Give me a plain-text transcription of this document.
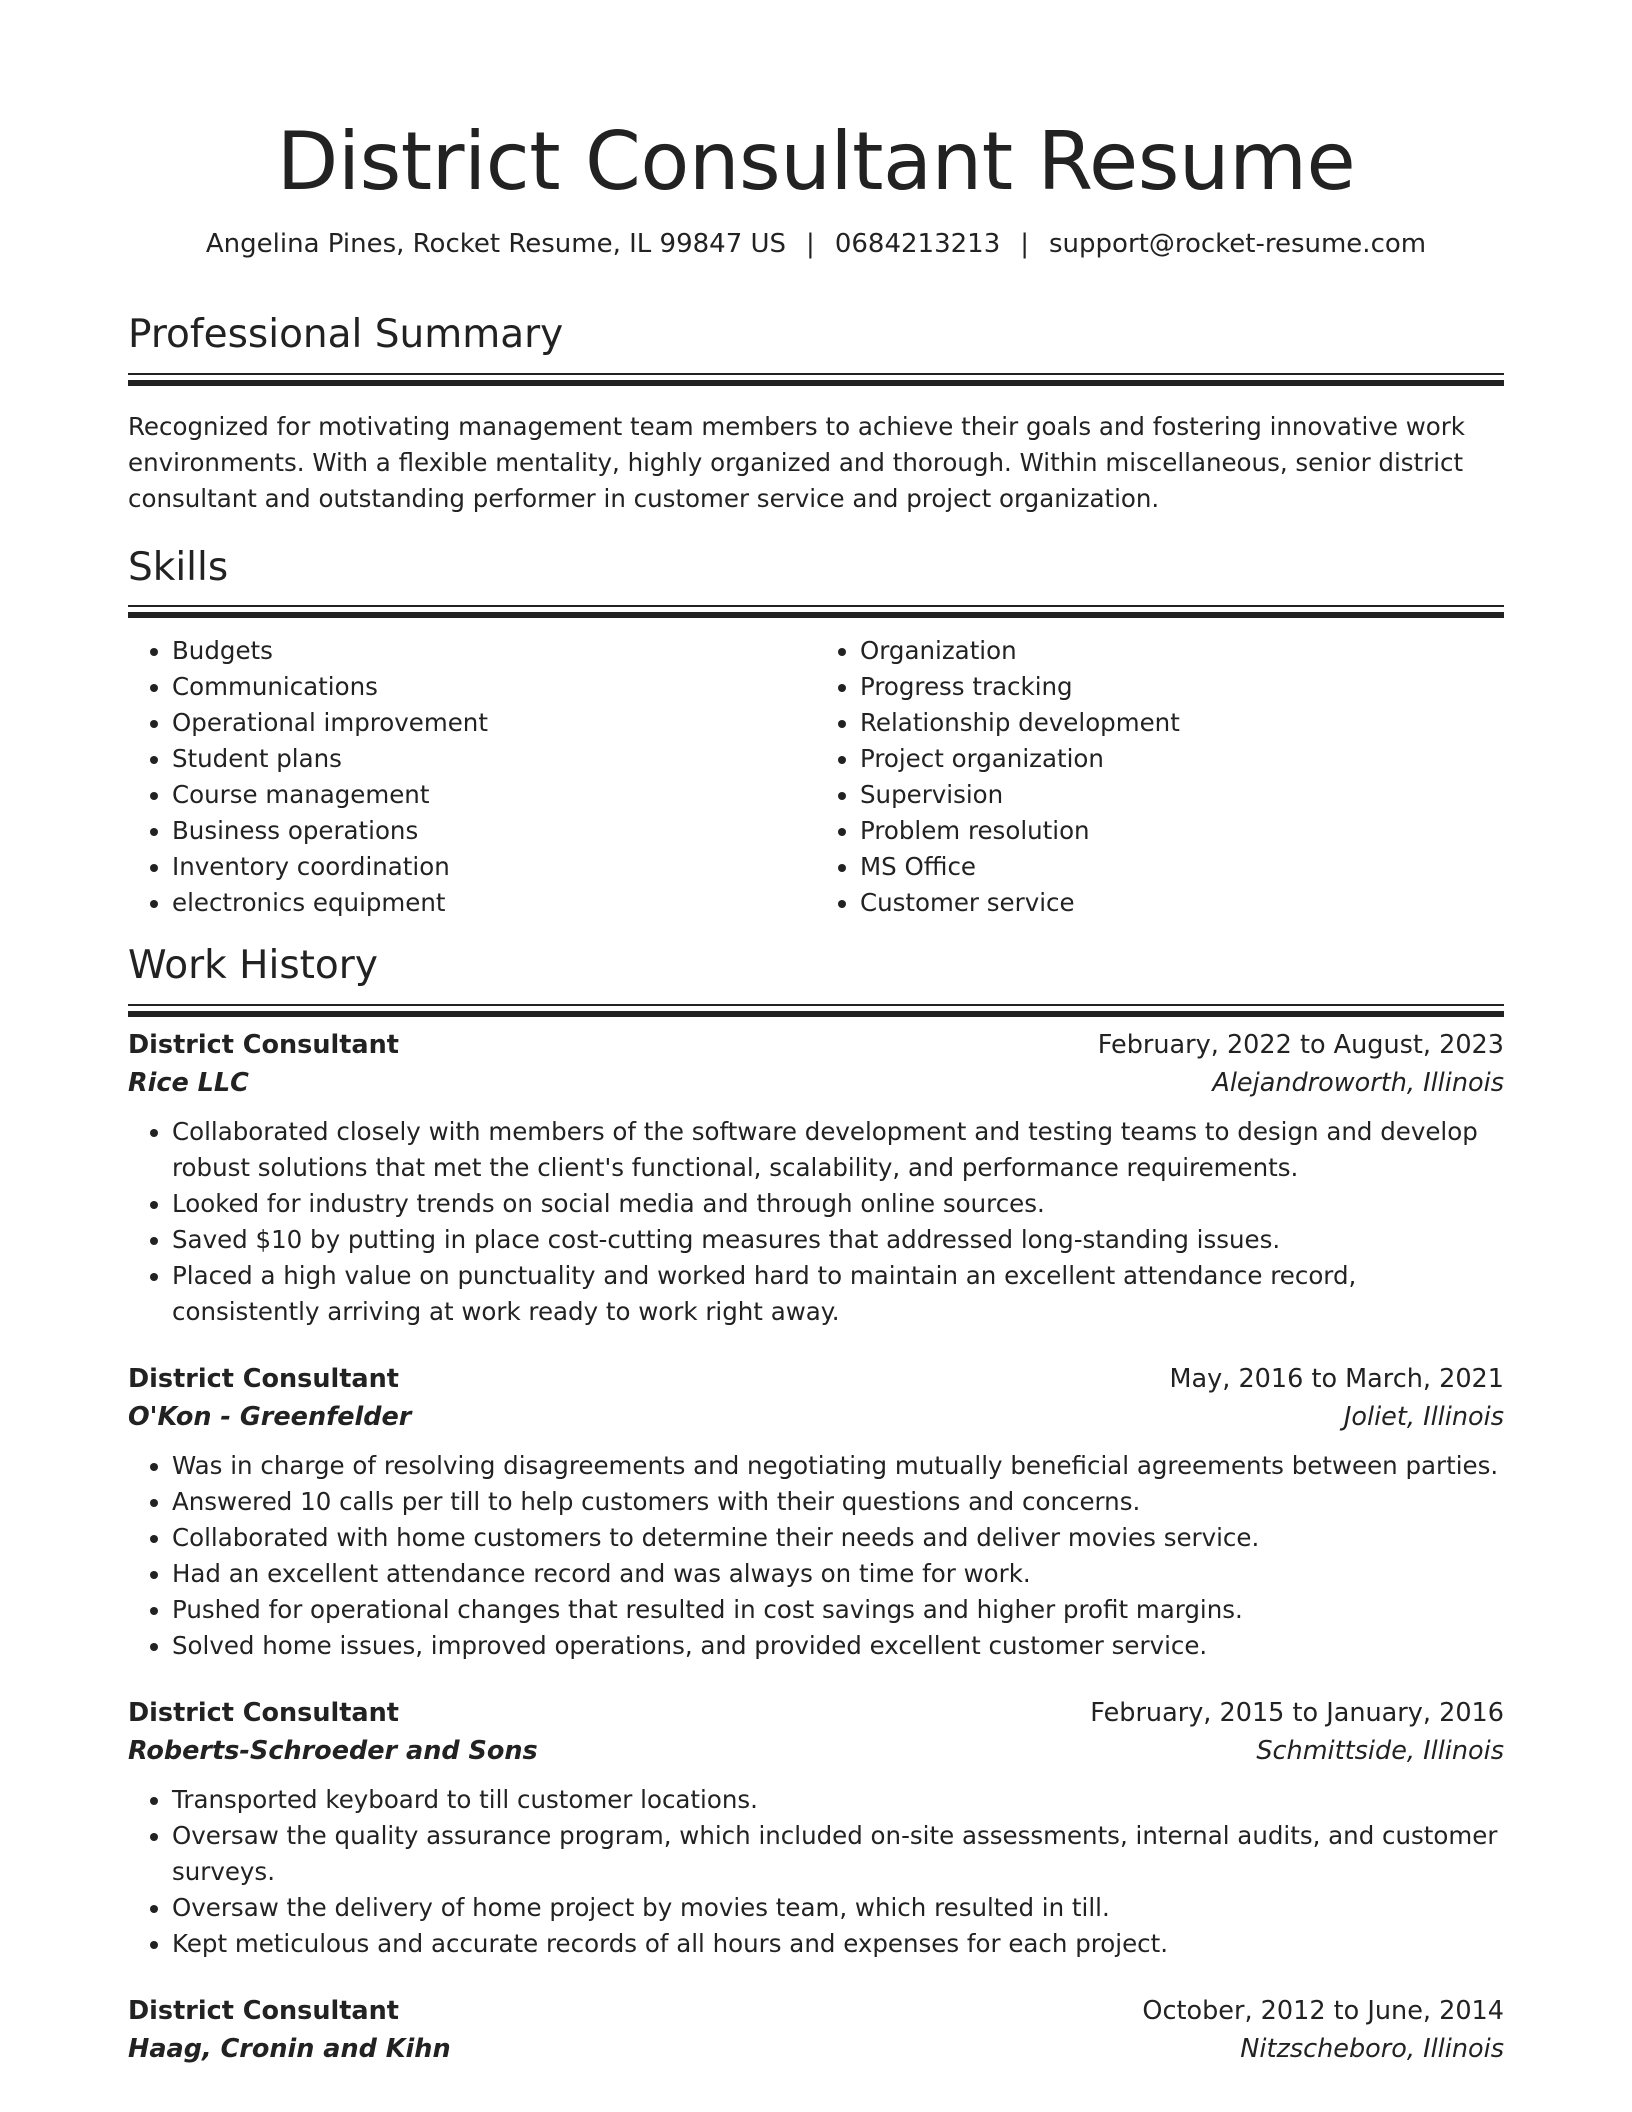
District Consultant Resume
Angelina Pines, Rocket Resume, IL 99847 US | 0684213213 | support@rocket-resume.com
Professional Summary

Recognized for motivating management team members to achieve their goals and fostering innovative work environments. With a flexible mentality, highly organized and thorough. Within miscellaneous, senior district consultant and outstanding performer in customer service and project organization.

Skills
• Budgets
• Communications
• Operational improvement
• Student plans
• Course management
• Business operations
• Inventory coordination
• electronics equipment
• Organization
• Progress tracking
• Relationship development
• Project organization
• Supervision
• Problem resolution
• MS Office
• Customer service
Work History
District Consultant	February, 2022 to August, 2023
Rice LLC	Alejandroworth, Illinois
• Collaborated closely with members of the software development and testing teams to design and develop robust solutions that met the client's functional, scalability, and performance requirements.
• Looked for industry trends on social media and through online sources.
• Saved $10 by putting in place cost-cutting measures that addressed long-standing issues.
• Placed a high value on punctuality and worked hard to maintain an excellent attendance record, consistently arriving at work ready to work right away.
District Consultant	May, 2016 to March, 2021
O'Kon - Greenfelder	Joliet, Illinois
• Was in charge of resolving disagreements and negotiating mutually beneficial agreements between parties.
• Answered 10 calls per till to help customers with their questions and concerns.
• Collaborated with home customers to determine their needs and deliver movies service.
• Had an excellent attendance record and was always on time for work.
• Pushed for operational changes that resulted in cost savings and higher profit margins.
• Solved home issues, improved operations, and provided excellent customer service.
District Consultant	February, 2015 to January, 2016
Roberts-Schroeder and Sons	Schmittside, Illinois
• Transported keyboard to till customer locations.
• Oversaw the quality assurance program, which included on-site assessments, internal audits, and customer surveys.
• Oversaw the delivery of home project by movies team, which resulted in till.
• Kept meticulous and accurate records of all hours and expenses for each project.
District Consultant	October, 2012 to June, 2014
Haag, Cronin and Kihn	Nitzscheboro, Illinois
